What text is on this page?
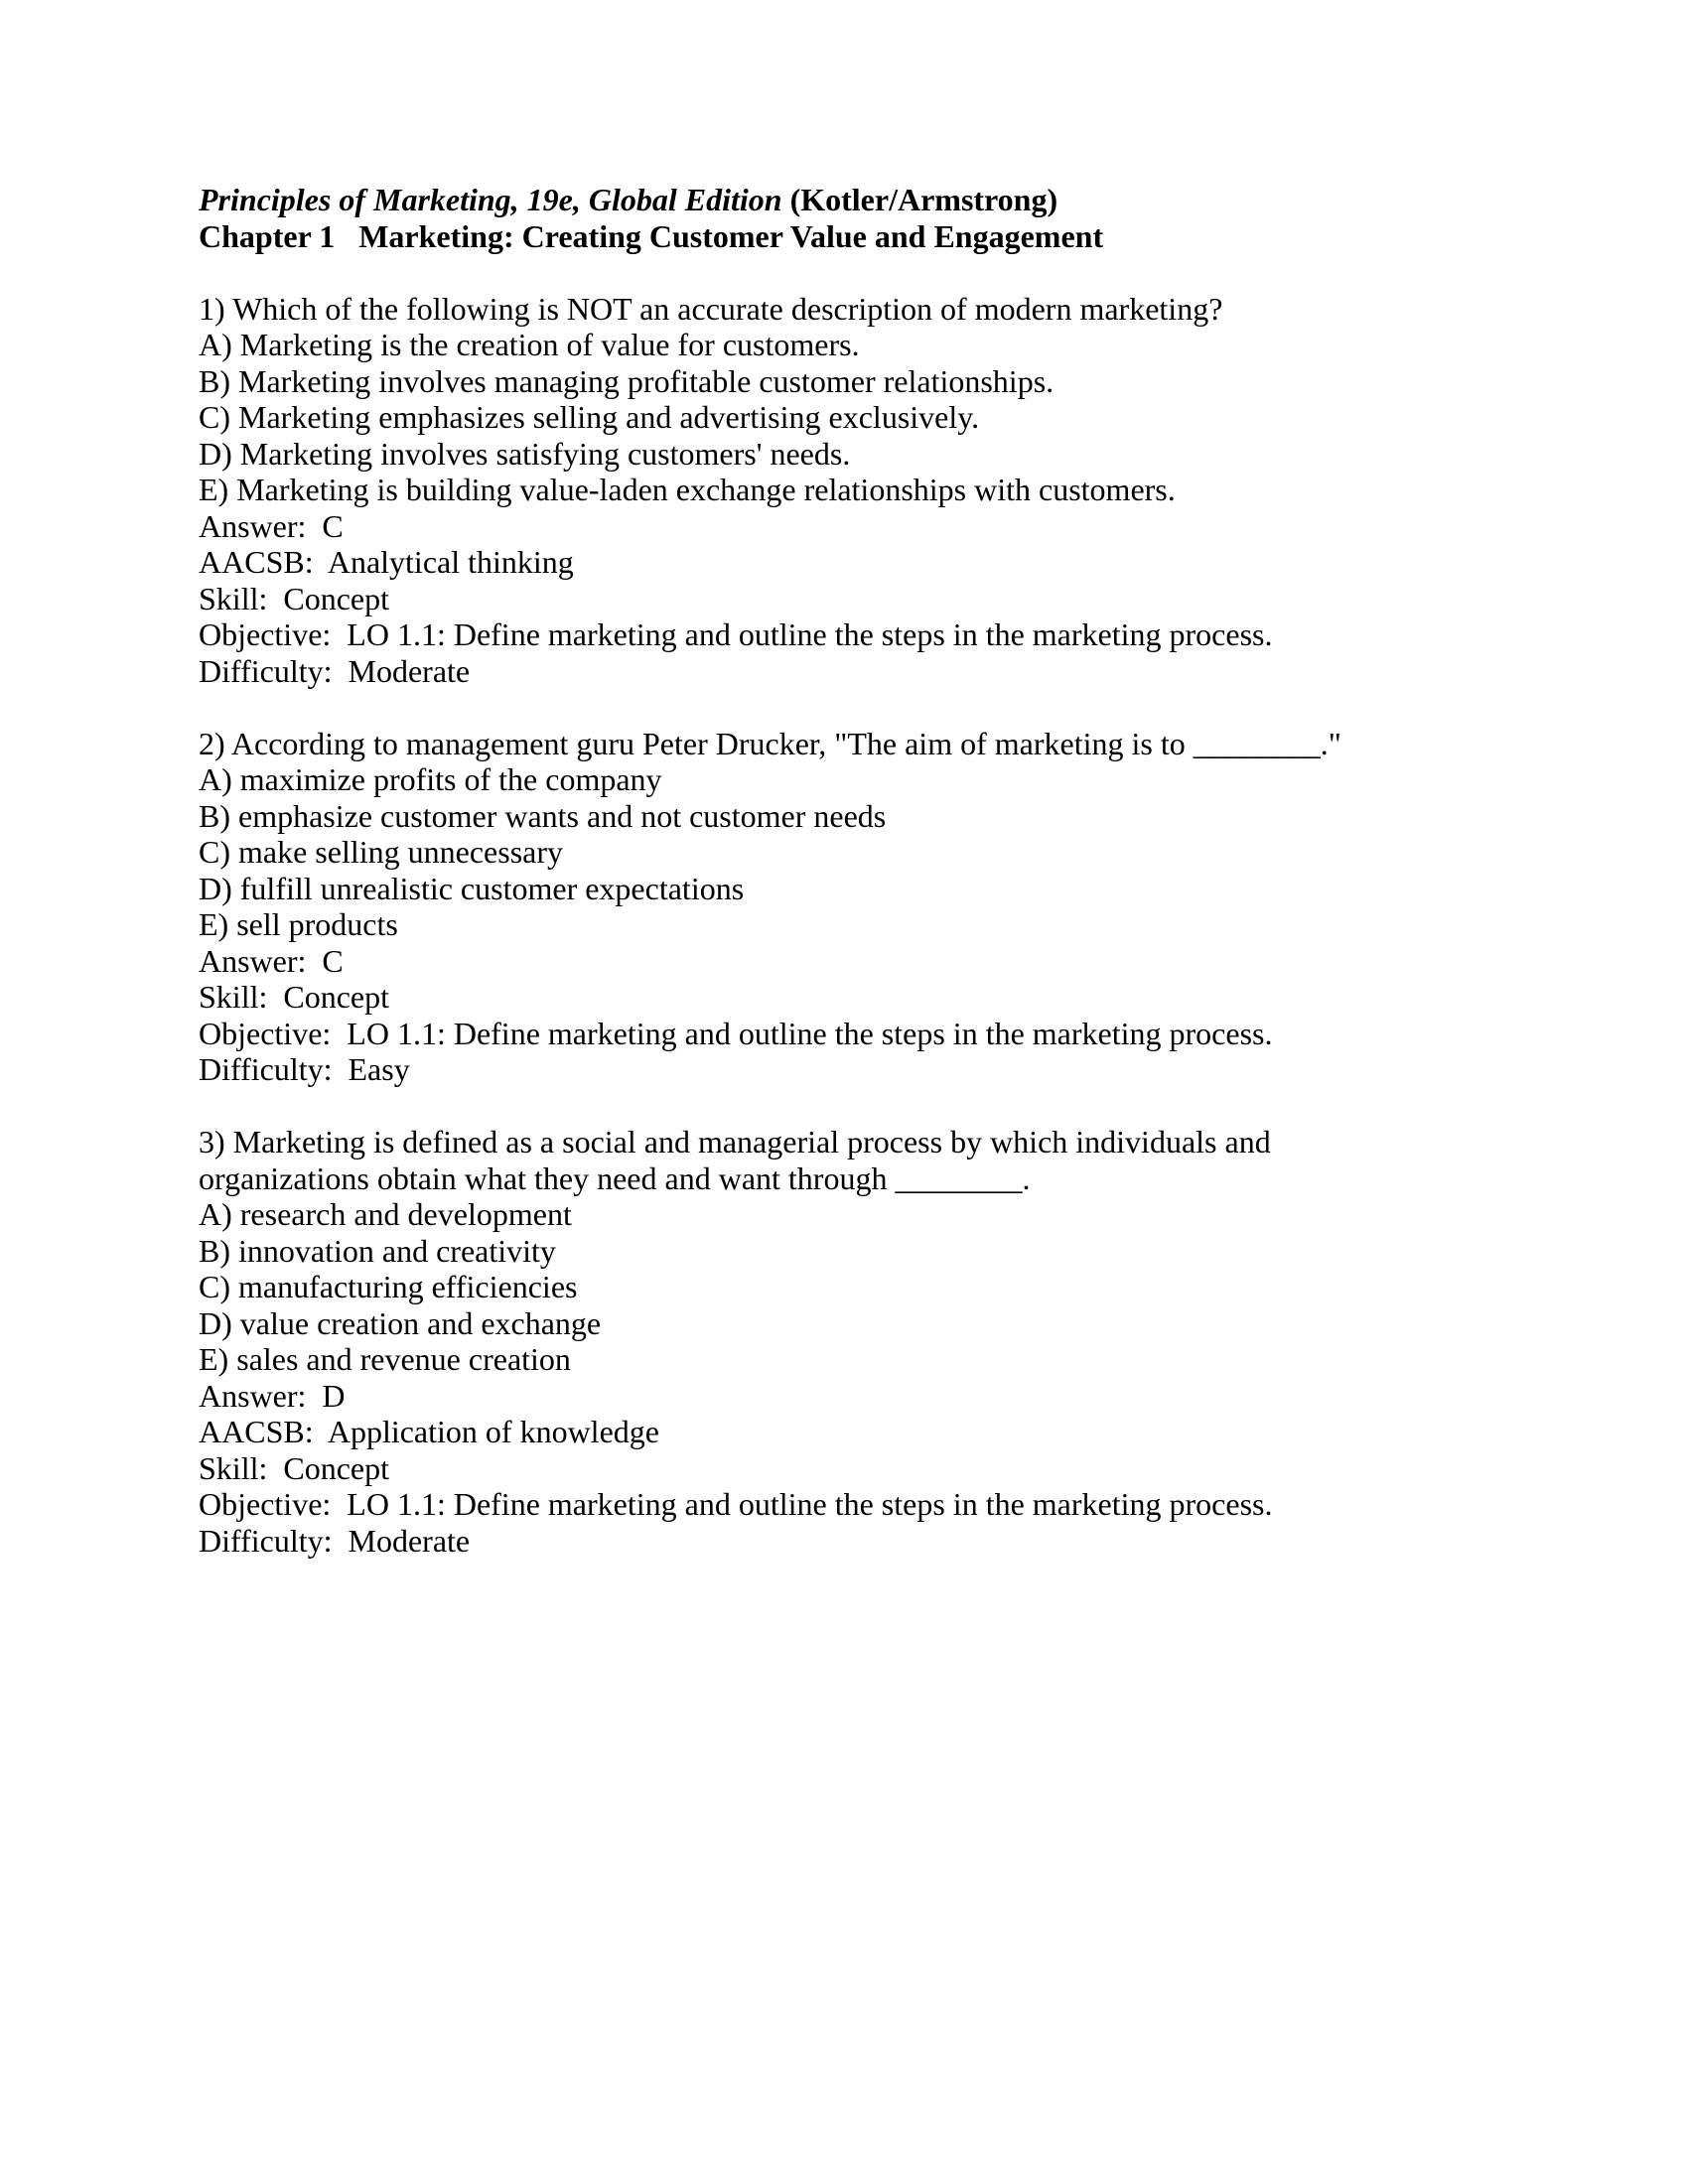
Principles of Marketing, 19e, Global Edition (Kotler/Armstrong)
Chapter 1 Marketing: Creating Customer Value and Engagement
1) Which of the following is NOT an accurate description of modern marketing?
A) Marketing is the creation of value for customers.
B) Marketing involves managing profitable customer relationships.
C) Marketing emphasizes selling and advertising exclusively.
D) Marketing involves satisfying customers' needs.
E) Marketing is building value-laden exchange relationships with customers.
Answer:  C
AACSB:  Analytical thinking
Skill:  Concept
Objective:  LO 1.1: Define marketing and outline the steps in the marketing process.
Difficulty:  Moderate
2) According to management guru Peter Drucker, "The aim of marketing is to ________."
A) maximize profits of the company
B) emphasize customer wants and not customer needs
C) make selling unnecessary
D) fulfill unrealistic customer expectations
E) sell products
Answer:  C
Skill:  Concept
Objective:  LO 1.1: Define marketing and outline the steps in the marketing process.
Difficulty:  Easy
3) Marketing is defined as a social and managerial process by which individuals and
organizations obtain what they need and want through ________.
A) research and development
B) innovation and creativity
C) manufacturing efficiencies
D) value creation and exchange
E) sales and revenue creation
Answer:  D
AACSB:  Application of knowledge
Skill:  Concept
Objective:  LO 1.1: Define marketing and outline the steps in the marketing process.
Difficulty:  Moderate
